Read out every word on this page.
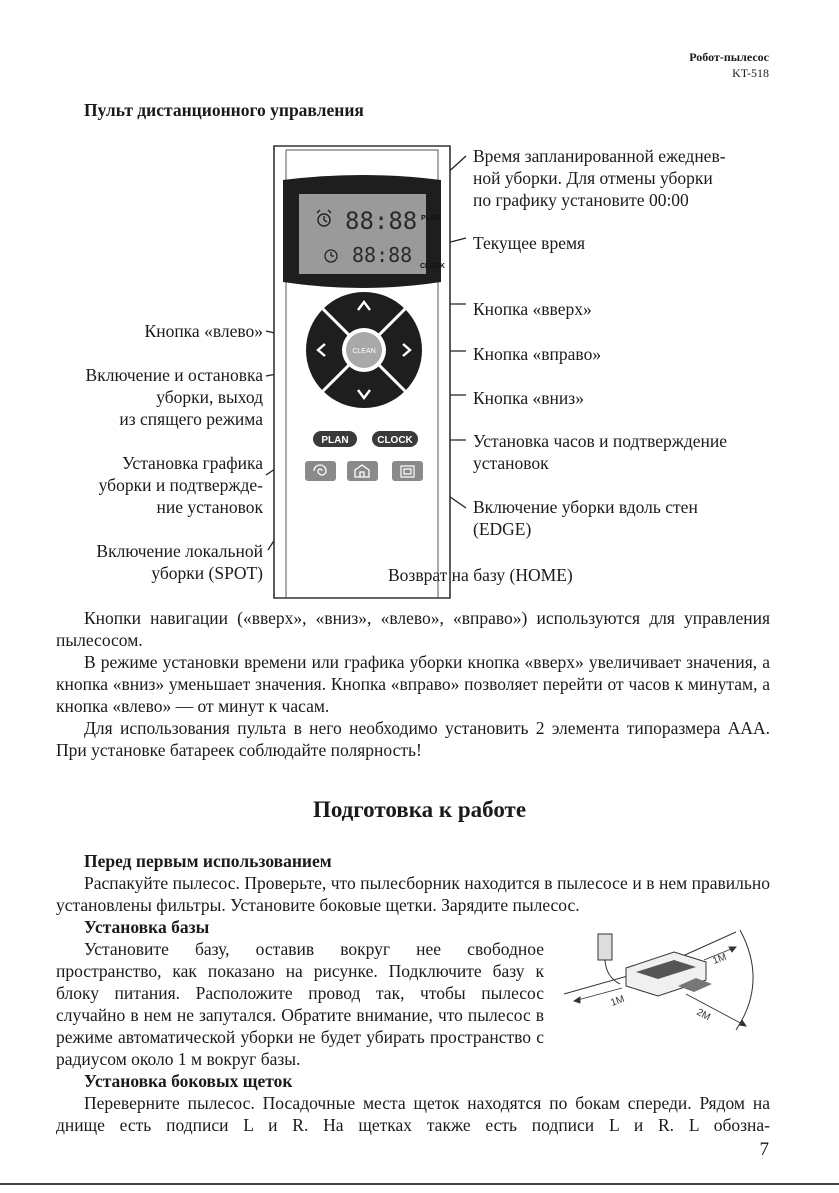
Робот-пылесос
KT-518
Пульт дистанционного управления
88:88 PLAN
88:88 CLOCK
CLEAN
PLAN	CLOCK
Время запланированной ежеднев-
ной уборки. Для отмены уборки
по графику установите 00:00
Текущее время
Кнопка «вверх»
Кнопка «вправо»
Кнопка «вниз»
Установка часов и подтверждение
установок
Включение уборки вдоль стен
(EDGE)
Возврат на базу (HOME)
Кнопка «влево»
Включение и остановка
уборки, выход
из спящего режима
Установка графика
уборки и подтвержде-
ние установок
Включение локальной
уборки (SPOT)

Кнопки навигации («вверх», «вниз», «влево», «вправо») используются для управления пылесосом.

В режиме установки времени или графика уборки кнопка «вверх» увеличивает значения, а кнопка «вниз» уменьшает значения. Кнопка «вправо» позволяет перейти от часов к минутам, а кнопка «влево» — от минут к часам.

Для использования пульта в него необходимо установить 2 элемента типоразмера ААА. При установке батареек соблюдайте полярность!

Подготовка к работе

Перед первым использованием

Распакуйте пылесос. Проверьте, что пылесборник находится в пылесосе и в нем правильно установлены фильтры. Установите боковые щетки. Зарядите пылесос.

Установка базы

Установите базу, оставив вокруг нее свободное пространство, как показано на рисунке. Подключите базу к блоку питания. Расположите провод так, чтобы пылесос случайно в нем не запутался. Обратите внимание, что пылесос в режиме автоматической уборки не будет убирать пространство с радиусом около 1 м вокруг базы.

1M
1M
2M

Установка боковых щеток

Переверните пылесос. Посадочные места щеток находятся по бокам спереди. Рядом на днище есть подписи L и R. На щетках также есть подписи L и R. L обозна-

7
